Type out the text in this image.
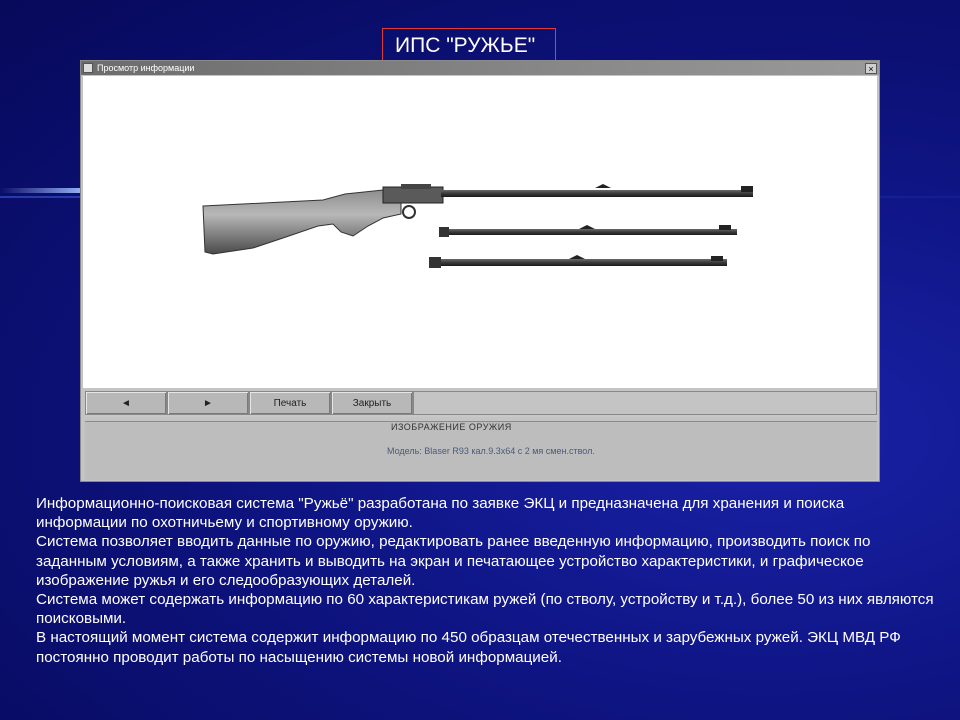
ИПС "РУЖЬЕ"
Просмотр информации	×
◄	►	Печать	Закрыть
ИЗОБРАЖЕНИЕ ОРУЖИЯ
Модель: Blaser R93 кал.9.3x64 с 2 мя смен.ствол.

Информационно-поисковая система "Ружьё" разработана по заявке ЭКЦ и предназначена для хранения и поиска информации по охотничьему и спортивному оружию.

Система позволяет вводить данные по оружию, редактировать ранее введенную информацию, производить поиск по заданным условиям, а также хранить и выводить на экран и печатающее устройство характеристики, и графическое изображение ружья и его следообразующих деталей.

Система может содержать информацию по 60 характеристикам ружей (по стволу, устройству и т.д.), более 50 из них являются поисковыми.

В настоящий момент система содержит информацию по 450 образцам отечественных и зарубежных ружей. ЭКЦ МВД РФ постоянно проводит работы по насыщению системы новой информацией.
